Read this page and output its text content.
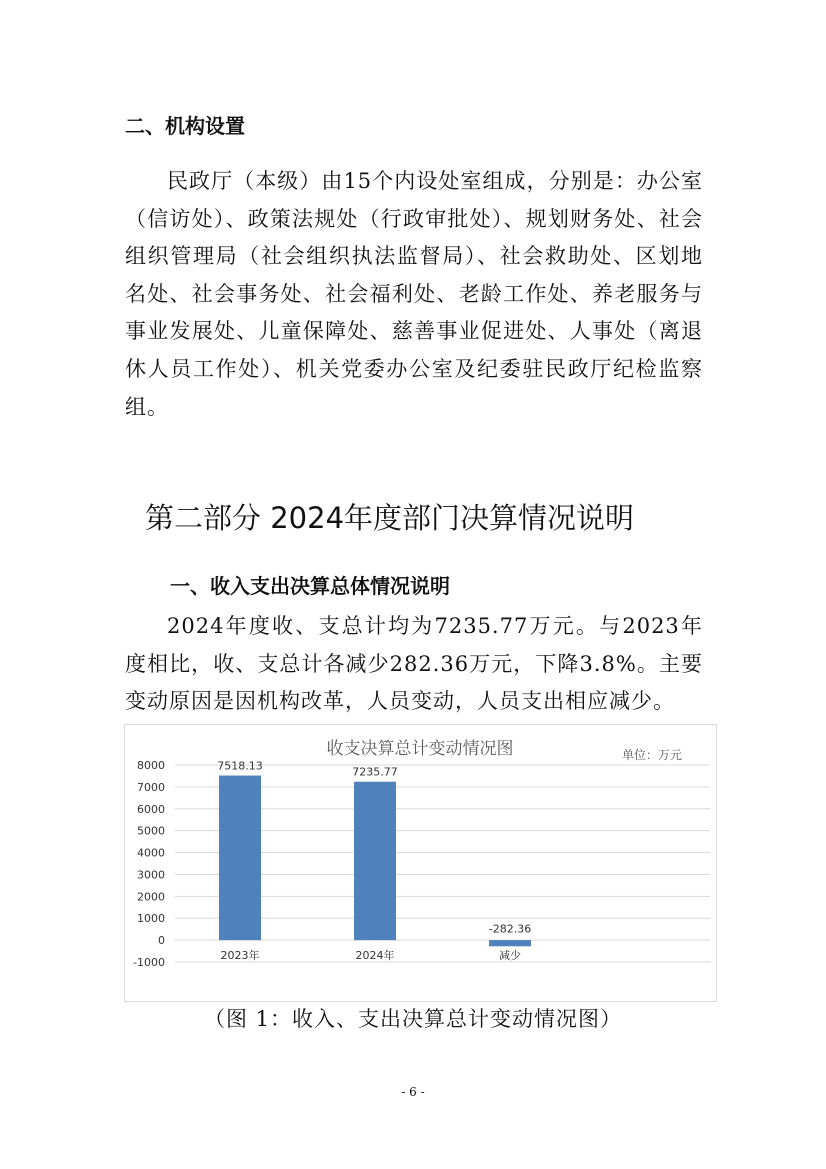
二、机构设置

民政厅（本级）由15个内设处室组成，分别是：办公室（信访处）、政策法规处（行政审批处）、规划财务处、社会组织管理局（社会组织执法监督局）、社会救助处、区划地名处、社会事务处、社会福利处、老龄工作处、养老服务与事业发展处、儿童保障处、慈善事业促进处、人事处（离退休人员工作处）、机关党委办公室及纪委驻民政厅纪检监察组。

第二部分 2024年度部门决算情况说明
一、收入支出决算总体情况说明

2024年度收、支总计均为7235.77万元。与2023年度相比，收、支总计各减少282.36万元，下降3.8%。主要变动原因是因机构改革，人员变动，人员支出相应减少。

收支决算总计变动情况图	单位：万元
8000
7000
6000
5000
4000
3000
2000
1000
0
-1000
7518.13
2023年
7235.77
2024年
-282.36
减少
（图 1：收入、支出决算总计变动情况图）
- 6 -
